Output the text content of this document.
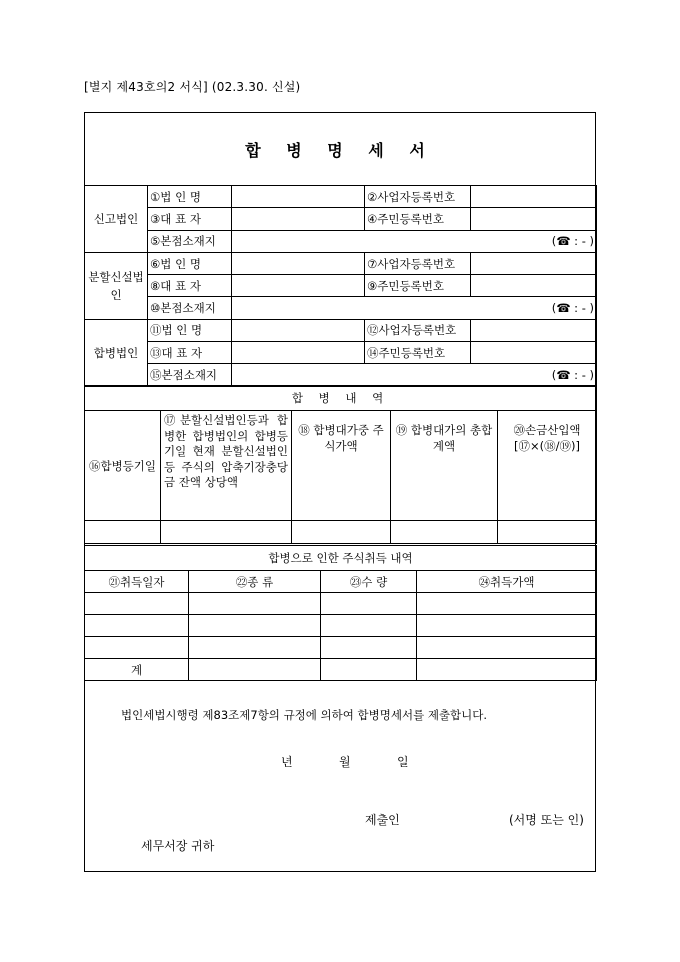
[별지 제43호의2 서식] (02.3.30. 신설)
합 병 명 세 서
신고법인	①법 인 명		②사업자등록번호	
	③대 표 자		④주민등록번호	
	⑤본점소재지	(☎ : - )		
분할신설법인	⑥법 인 명		⑦사업자등록번호	
	⑧대 표 자		⑨주민등록번호	
	⑩본점소재지	(☎ : - )		
합병법인	⑪법 인 명		⑫사업자등록번호	
	⑬대 표 자		⑭주민등록번호	
	⑮본점소재지	(☎ : - )		
합 병 내 역				
⑯합병등기일	⑰분할신설법인등과 합병한 합병법인의 합병등기일 현재 분할신설법인등 주식의 압축기장충당금 잔액 상당액	⑱ 합병대가중 주식가액	⑲ 합병대가의 총합계액	⑳손금산입액 [⑰×(⑱/⑲)]

합병으로 인한 주식취득 내역			
㉑취득일자	㉒종 류	㉓수 량	㉔취득가액

계			
법인세법시행령 제83조제7항의 규정에 의하여 합병명세서를 제출합니다.
년	월	일
제출인	(서명 또는 인)
세무서장 귀하
